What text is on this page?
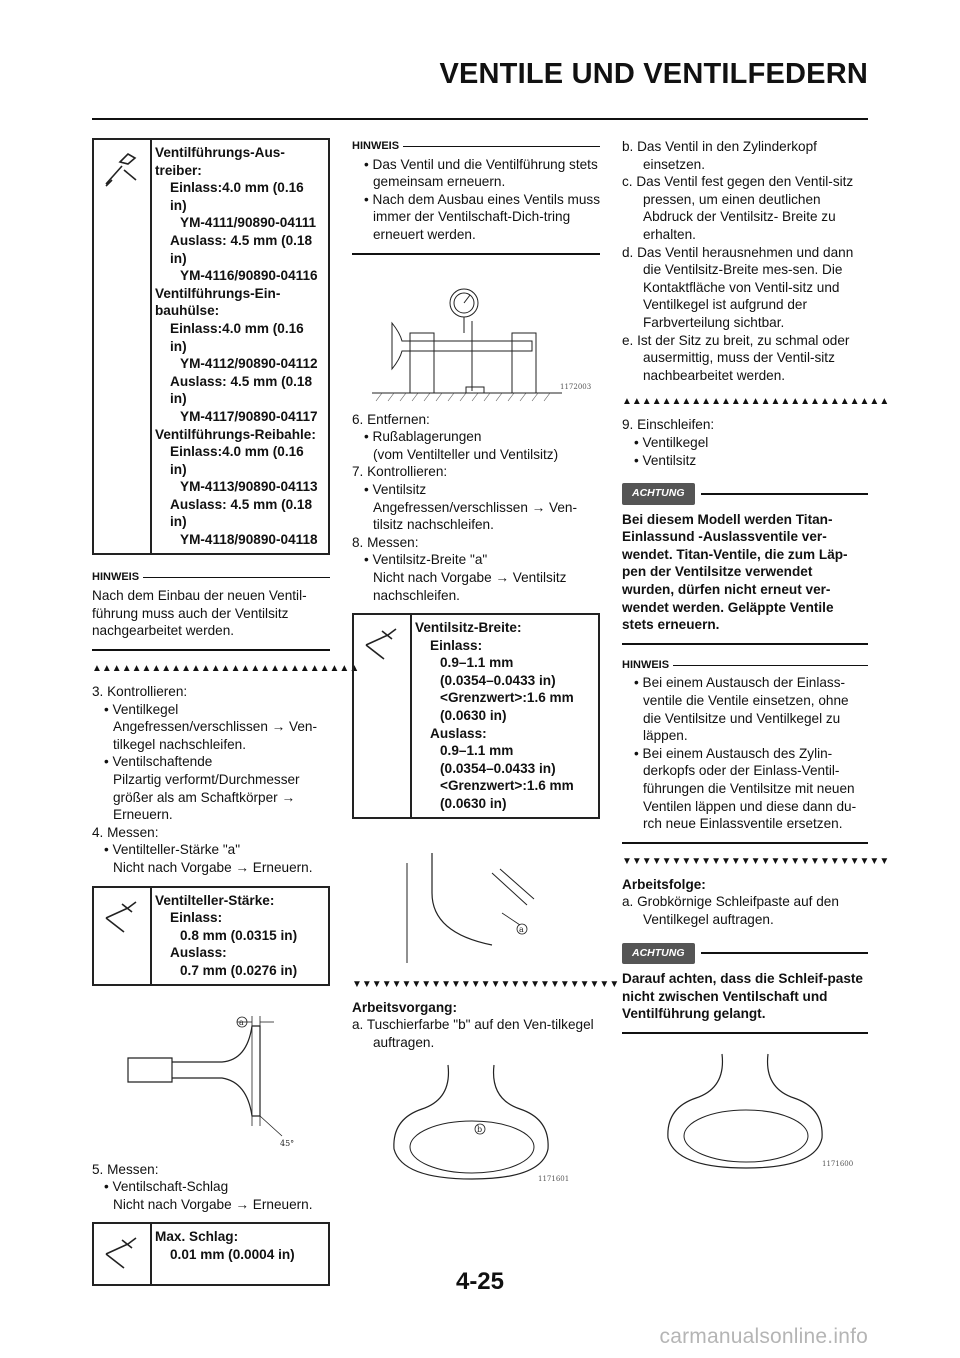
VENTILE UND VENTILFEDERN
Ventilführungs-Aus-
treiber:
Einlass:4.0 mm (0.16
in)
YM-4111/90890-04111
Auslass: 4.5 mm (0.18
in)
YM-4116/90890-04116
Ventilführungs-Ein-
bauhülse:
Einlass:4.0 mm (0.16
in)
YM-4112/90890-04112
Auslass: 4.5 mm (0.18
in)
YM-4117/90890-04117
Ventilführungs-Reibahle:
Einlass:4.0 mm (0.16
in)
YM-4113/90890-04113
Auslass: 4.5 mm (0.18
in)
YM-4118/90890-04118
HINWEIS
Nach dem Einbau der neuen Ventil-führung muss auch der Ventilsitz nachgearbeitet werden.
▲▲▲▲▲▲▲▲▲▲▲▲▲▲▲▲▲▲▲▲▲▲▲▲▲▲▲
3. Kontrollieren:
• Ventilkegel
Angefressen/verschlissen → Ven-tilkegel nachschleifen.
• Ventilschaftende
Pilzartig verformt/Durchmesser größer als am Schaftkörper → Erneuern.
4. Messen:
• Ventilteller-Stärke "a"
Nicht nach Vorgabe → Erneuern.
Ventilteller-Stärke:
Einlass:
0.8 mm (0.0315 in)
Auslass:
0.7 mm (0.0276 in)
a
45°
5. Messen:
• Ventilschaft-Schlag
Nicht nach Vorgabe → Erneuern.
Max. Schlag:
0.01 mm (0.0004 in)
HINWEIS
• Das Ventil und die Ventilführung stets gemeinsam erneuern.
• Nach dem Ausbau eines Ventils muss immer der Ventilschaft-Dich-tring erneuert werden.
1172003
6. Entfernen:
• Rußablagerungen
(vom Ventilteller und Ventilsitz)
7. Kontrollieren:
• Ventilsitz
Angefressen/verschlissen → Ven-tilsitz nachschleifen.
8. Messen:
• Ventilsitz-Breite "a"
Nicht nach Vorgabe → Ventilsitz nachschleifen.
Ventilsitz-Breite:
Einlass:
0.9–1.1 mm
(0.0354–0.0433 in)
<Grenzwert>:1.6 mm
(0.0630 in)
Auslass:
0.9–1.1 mm
(0.0354–0.0433 in)
<Grenzwert>:1.6 mm
(0.0630 in)
a
▼▼▼▼▼▼▼▼▼▼▼▼▼▼▼▼▼▼▼▼▼▼▼▼▼▼▼
Arbeitsvorgang:
a. Tuschierfarbe "b" auf den Ven-tilkegel auftragen.
b
1171601
b. Das Ventil in den Zylinderkopf einsetzen.
c. Das Ventil fest gegen den Ventil-sitz pressen, um einen deutlichen Abdruck der Ventilsitz- Breite zu erhalten.
d. Das Ventil herausnehmen und dann die Ventilsitz-Breite mes-sen. Die Kontaktfläche von Ventil-sitz und Ventilkegel ist aufgrund der Farbverteilung sichtbar.
e. Ist der Sitz zu breit, zu schmal oder ausermittig, muss der Ventil-sitz nachbearbeitet werden.
▲▲▲▲▲▲▲▲▲▲▲▲▲▲▲▲▲▲▲▲▲▲▲▲▲▲▲
9. Einschleifen:
• Ventilkegel
• Ventilsitz
ACHTUNG
Bei diesem Modell werden Titan-Einlassund -Auslassventile ver-wendet. Titan-Ventile, die zum Läp-pen der Ventilsitze verwendet wurden, dürfen nicht erneut ver-wendet werden. Geläppte Ventile stets erneuern.
HINWEIS
• Bei einem Austausch der Einlass-ventile die Ventile einsetzen, ohne die Ventilsitze und Ventilkegel zu läppen.
• Bei einem Austausch des Zylin-derkopfs oder der Einlass-Ventil-führungen die Ventilsitze mit neuen Ventilen läppen und diese dann du-rch neue Einlassventile ersetzen.
▼▼▼▼▼▼▼▼▼▼▼▼▼▼▼▼▼▼▼▼▼▼▼▼▼▼▼
Arbeitsfolge:
a. Grobkörnige Schleifpaste auf den Ventilkegel auftragen.
ACHTUNG
Darauf achten, dass die Schleif-paste nicht zwischen Ventilschaft und Ventilführung gelangt.
1171600
4-25
carmanualsonline.info
